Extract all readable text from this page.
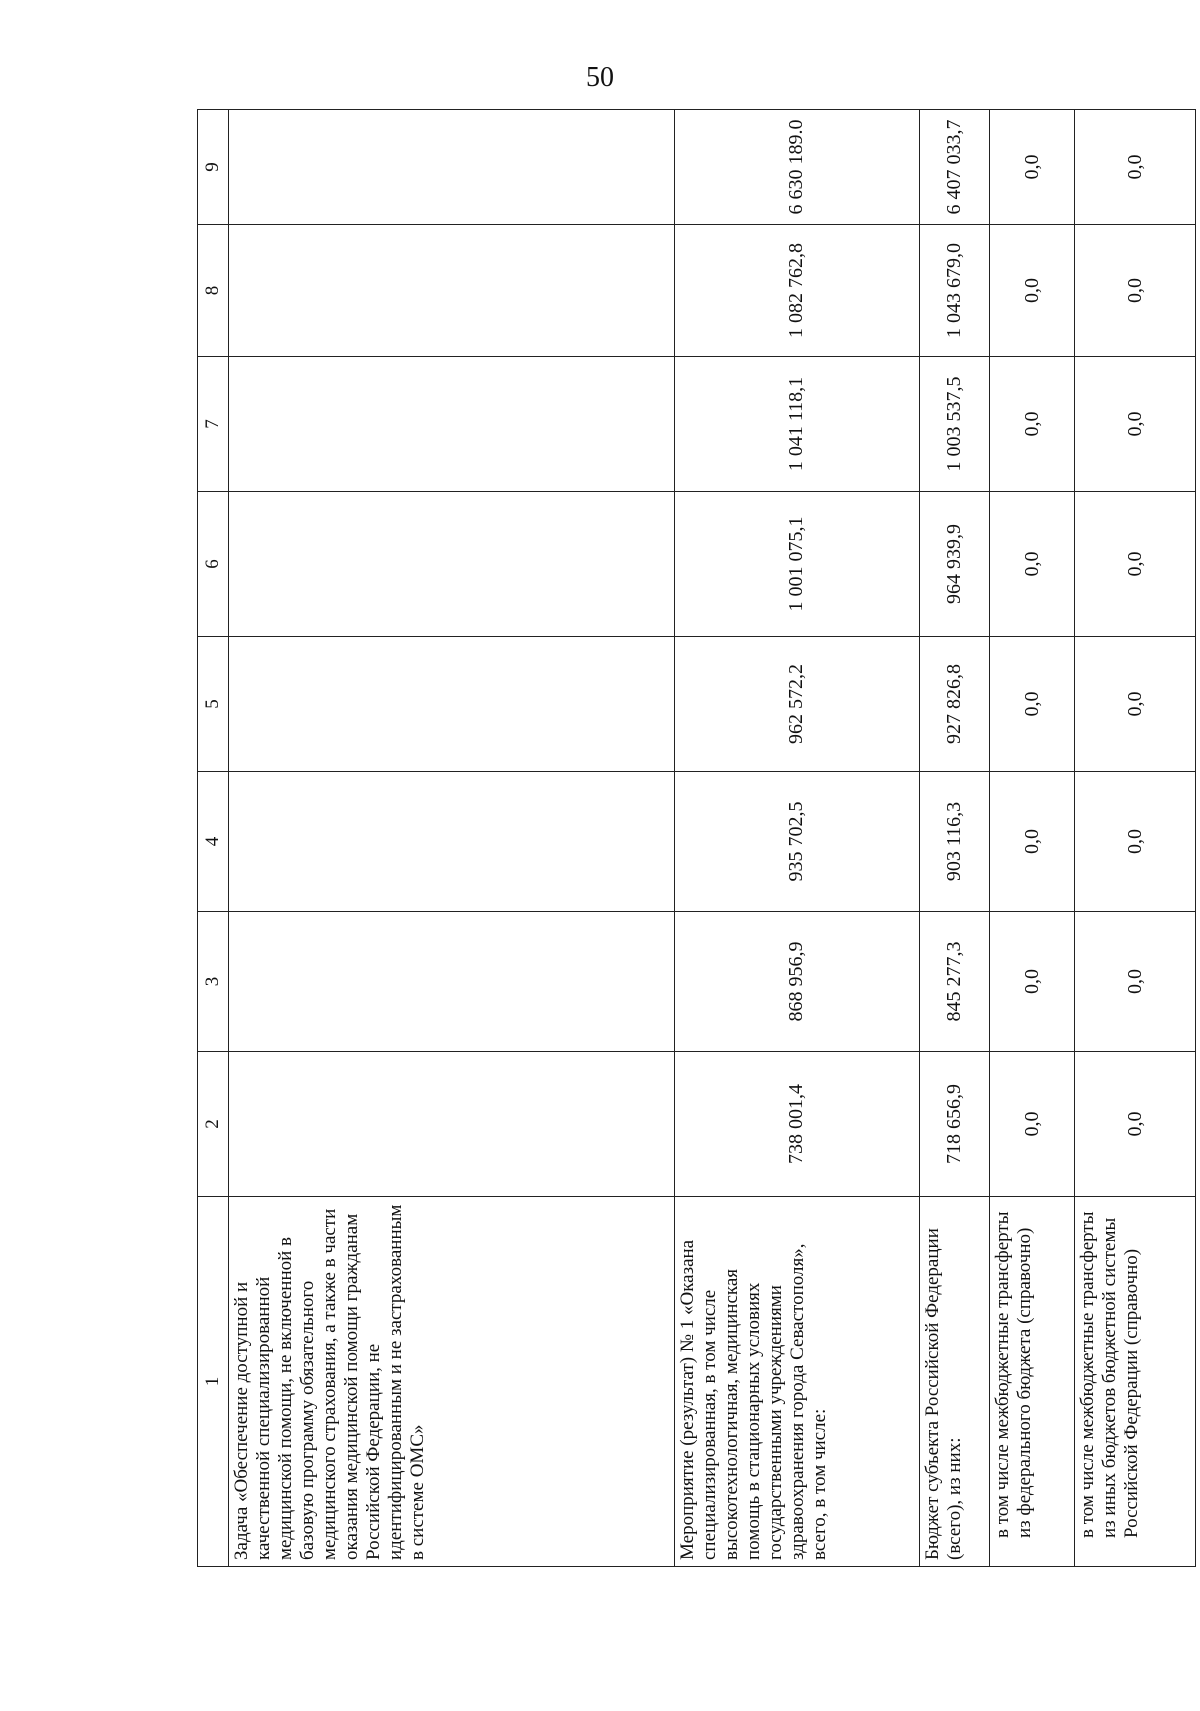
50
1	2	3	4	5	6	7	8	9
Задача «Обеспечение доступной и качественной специализированной медицинской помощи, не включенной в базовую программу обязательного медицинского страхования, а также в части оказания медицинской помощи гражданам Российской Федерации, не идентифицированным и не застрахованным в системе ОМС»								
Мероприятие (результат) № 1 «Оказана специализированная, в том числе высокотехнологичная, медицинская помощь в стационарных условиях государственными учреждениями здравоохранения города Севастополя», всего, в том числе:	738 001,4	868 956,9	935 702,5	962 572,2	1 001 075,1	1 041 118,1	1 082 762,8	6 630 189.0
Бюджет субъекта Российской Федерации (всего), из них:	718 656,9	845 277,3	903 116,3	927 826,8	964 939,9	1 003 537,5	1 043 679,0	6 407 033,7
в том числе межбюджетные трансферты из федерального бюджета (справочно)	0,0	0,0	0,0	0,0	0,0	0,0	0,0	0,0
в том числе межбюджетные трансферты из иных бюджетов бюджетной системы Российской Федерации (справочно)	0,0	0,0	0,0	0,0	0,0	0,0	0,0	0,0
